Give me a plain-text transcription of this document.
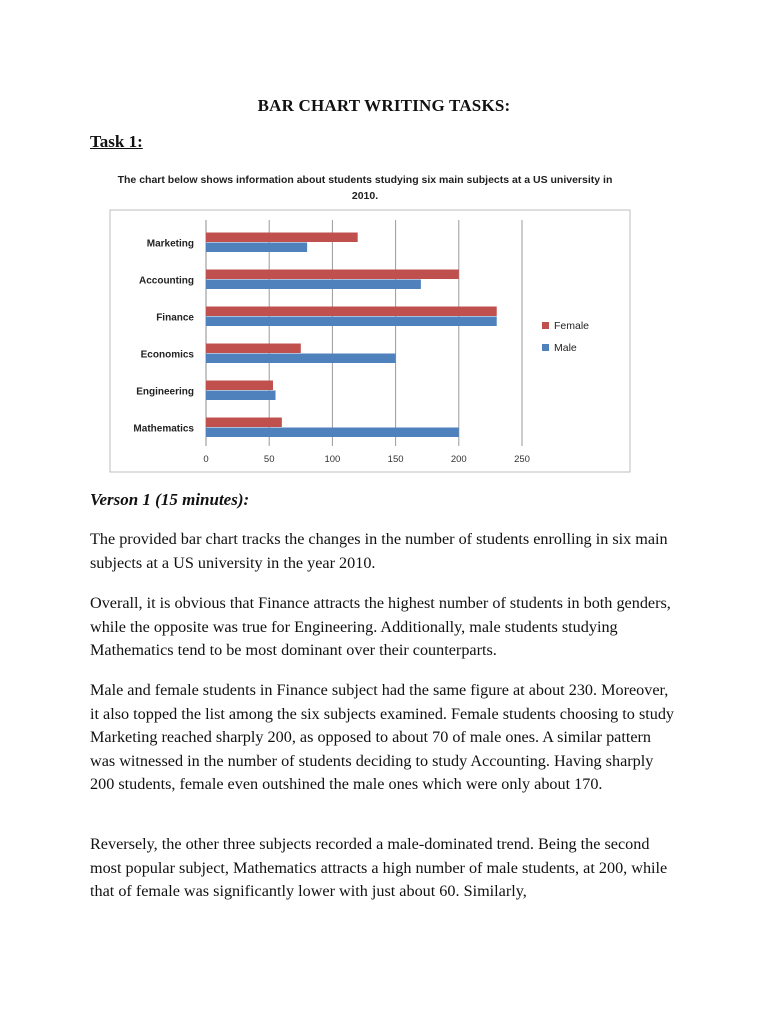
BAR CHART WRITING TASKS:
Task 1:
The chart below shows information about students studying six main subjects at a US university in
2010.
0	50	100	150	200	250
Marketing
Accounting
Finance
Economics
Engineering
Mathematics
Female
Male
Verson 1 (15 minutes):

The provided bar chart tracks the changes in the number of students enrolling in six main subjects at a US university in the year 2010.

Overall, it is obvious that Finance attracts the highest number of students in both genders, while the opposite was true for Engineering. Additionally, male students studying Mathematics tend to be most dominant over their counterparts.

Male and female students in Finance subject had the same figure at about 230. Moreover, it also topped the list among the six subjects examined. Female students choosing to study Marketing reached sharply 200, as opposed to about 70 of male ones. A similar pattern was witnessed in the number of students deciding to study Accounting. Having sharply 200 students, female even outshined the male ones which were only about 170.

Reversely, the other three subjects recorded a male-dominated trend. Being the second most popular subject, Mathematics attracts a high number of male students, at 200, while that of female was significantly lower with just about 60. Similarly,
